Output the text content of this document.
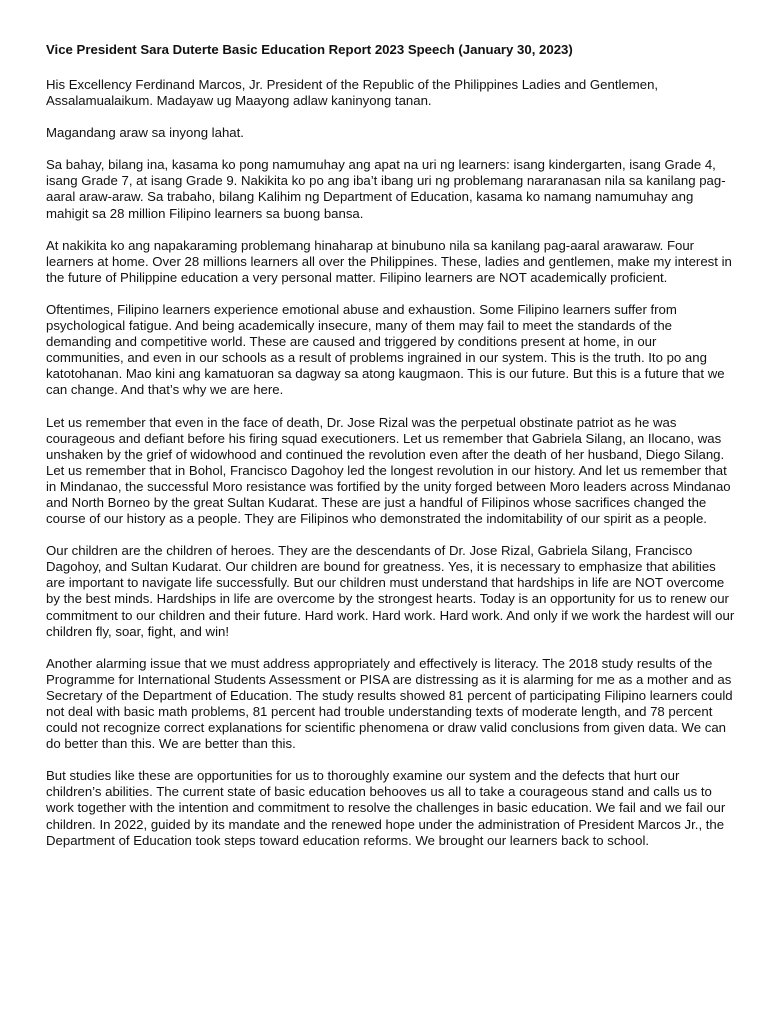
Vice President Sara Duterte Basic Education Report 2023 Speech (January 30, 2023)

His Excellency Ferdinand Marcos, Jr. President of the Republic of the Philippines Ladies and Gentlemen, Assalamualaikum. Madayaw ug Maayong adlaw kaninyong tanan.

Magandang araw sa inyong lahat.

Sa bahay, bilang ina, kasama ko pong namumuhay ang apat na uri ng learners: isang kindergarten, isang Grade 4, isang Grade 7, at isang Grade 9. Nakikita ko po ang iba’t ibang uri ng problemang nararanasan nila sa kanilang pag-aaral araw-araw. Sa trabaho, bilang Kalihim ng Department of Education, kasama ko namang namumuhay ang mahigit sa 28 million Filipino learners sa buong bansa.

At nakikita ko ang napakaraming problemang hinaharap at binubuno nila sa kanilang pag-aaral arawaraw. Four learners at home. Over 28 millions learners all over the Philippines. These, ladies and gentlemen, make my interest in the future of Philippine education a very personal matter. Filipino learners are NOT academically proficient.

Oftentimes, Filipino learners experience emotional abuse and exhaustion. Some Filipino learners suffer from psychological fatigue. And being academically insecure, many of them may fail to meet the standards of the demanding and competitive world. These are caused and triggered by conditions present at home, in our communities, and even in our schools as a result of problems ingrained in our system. This is the truth. Ito po ang katotohanan. Mao kini ang kamatuoran sa dagway sa atong kaugmaon. This is our future. But this is a future that we can change. And that’s why we are here.

Let us remember that even in the face of death, Dr. Jose Rizal was the perpetual obstinate patriot as he was courageous and defiant before his firing squad executioners. Let us remember that Gabriela Silang, an Ilocano, was unshaken by the grief of widowhood and continued the revolution even after the death of her husband, Diego Silang. Let us remember that in Bohol, Francisco Dagohoy led the longest revolution in our history. And let us remember that in Mindanao, the successful Moro resistance was fortified by the unity forged between Moro leaders across Mindanao and North Borneo by the great Sultan Kudarat. These are just a handful of Filipinos whose sacrifices changed the course of our history as a people. They are Filipinos who demonstrated the indomitability of our spirit as a people.

Our children are the children of heroes. They are the descendants of Dr. Jose Rizal, Gabriela Silang, Francisco Dagohoy, and Sultan Kudarat. Our children are bound for greatness. Yes, it is necessary to emphasize that abilities are important to navigate life successfully. But our children must understand that hardships in life are NOT overcome by the best minds. Hardships in life are overcome by the strongest hearts. Today is an opportunity for us to renew our commitment to our children and their future. Hard work. Hard work. Hard work. And only if we work the hardest will our children fly, soar, fight, and win!

Another alarming issue that we must address appropriately and effectively is literacy. The 2018 study results of the Programme for International Students Assessment or PISA are distressing as it is alarming for me as a mother and as Secretary of the Department of Education. The study results showed 81 percent of participating Filipino learners could not deal with basic math problems, 81 percent had trouble understanding texts of moderate length, and 78 percent could not recognize correct explanations for scientific phenomena or draw valid conclusions from given data. We can do better than this. We are better than this.

But studies like these are opportunities for us to thoroughly examine our system and the defects that hurt our children’s abilities. The current state of basic education behooves us all to take a courageous stand and calls us to work together with the intention and commitment to resolve the challenges in basic education. We fail and we fail our children. In 2022, guided by its mandate and the renewed hope under the administration of President Marcos Jr., the Department of Education took steps toward education reforms. We brought our learners back to school.
